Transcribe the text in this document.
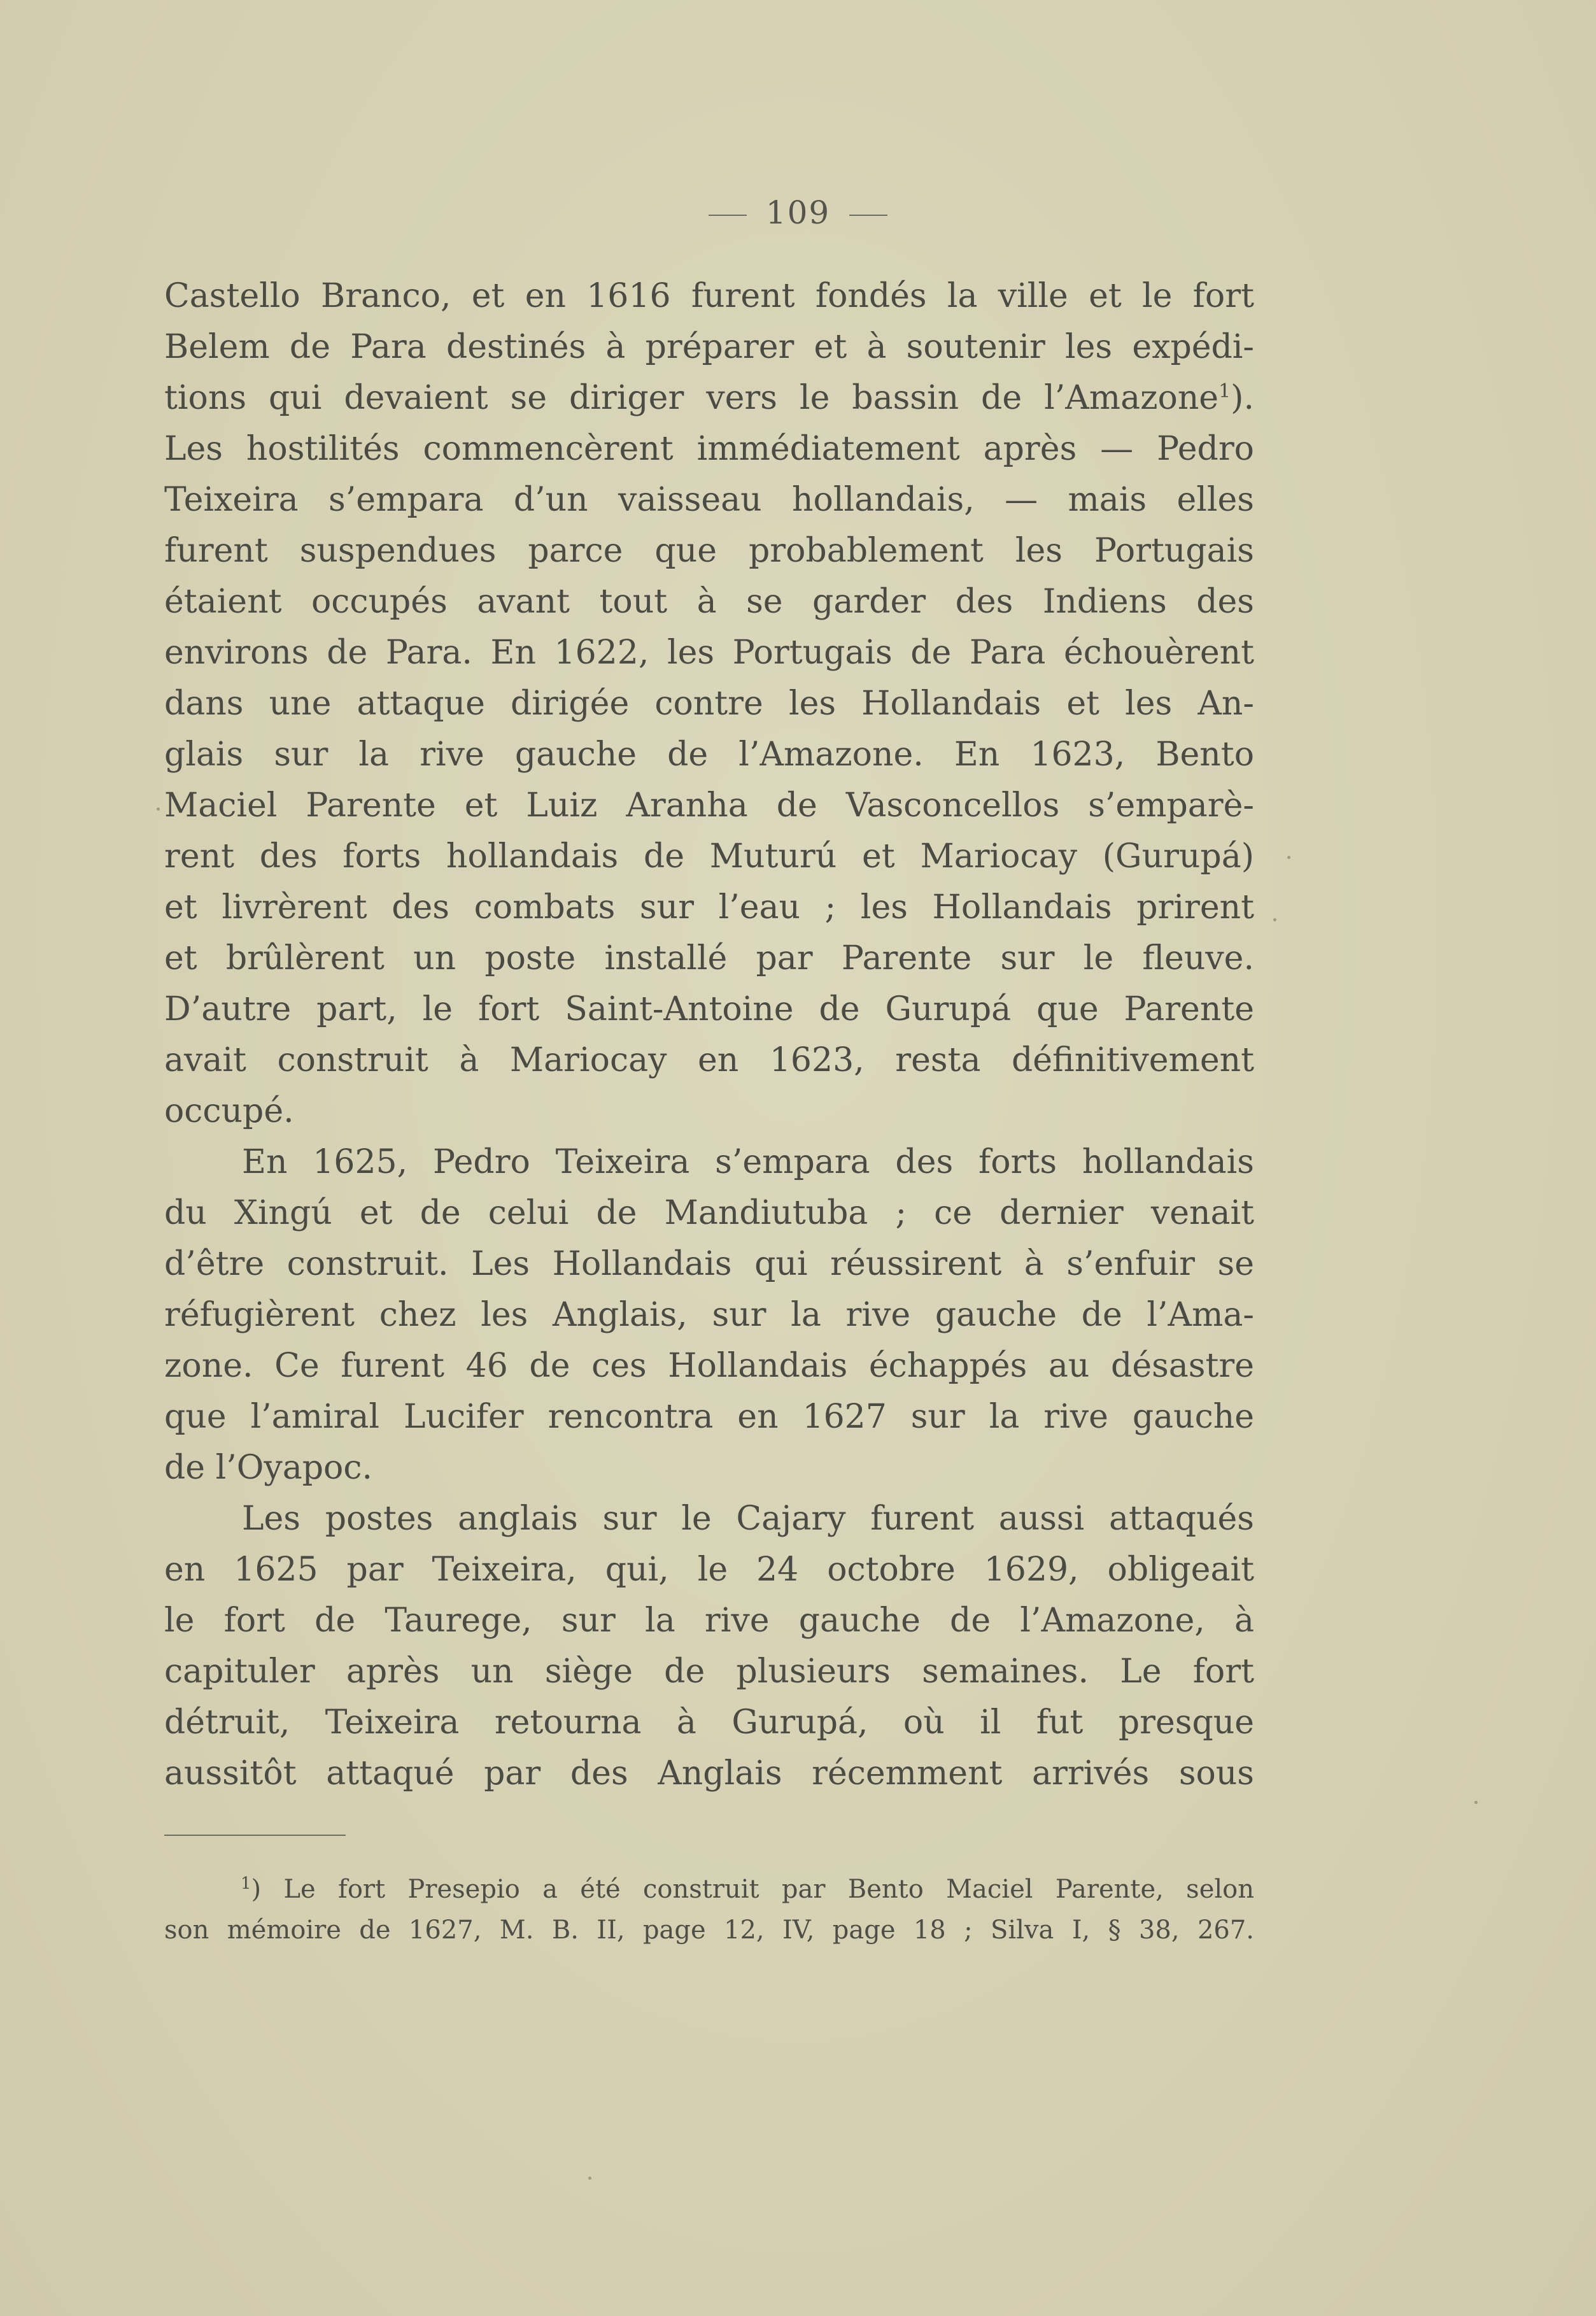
109
Castello Branco, et en 1616 furent fondés la ville et le fort
Belem de Para destinés à préparer et à soutenir les expédi-
tions qui devaient se diriger vers le bassin de l’Amazone$^1$).
Les hostilités commencèrent immédiatement après — Pedro
Teixeira s’empara d’un vaisseau hollandais, — mais elles
furent suspendues parce que probablement les Portugais
étaient occupés avant tout à se garder des Indiens des
environs de Para. En 1622, les Portugais de Para échouèrent
dans une attaque dirigée contre les Hollandais et les An-
glais sur la rive gauche de l’Amazone. En 1623, Bento
Maciel Parente et Luiz Aranha de Vasconcellos s’emparè-
rent des forts hollandais de Muturú et Mariocay (Gurupá)
et livrèrent des combats sur l’eau ; les Hollandais prirent
et brûlèrent un poste installé par Parente sur le fleuve.
D’autre part, le fort Saint-Antoine de Gurupá que Parente
avait construit à Mariocay en 1623, resta définitivement
occupé.
En 1625, Pedro Teixeira s’empara des forts hollandais
du Xingú et de celui de Mandiutuba ; ce dernier venait
d’être construit. Les Hollandais qui réussirent à s’enfuir se
réfugièrent chez les Anglais, sur la rive gauche de l’Ama-
zone. Ce furent 46 de ces Hollandais échappés au désastre
que l’amiral Lucifer rencontra en 1627 sur la rive gauche
de l’Oyapoc.
Les postes anglais sur le Cajary furent aussi attaqués
en 1625 par Teixeira, qui, le 24 octobre 1629, obligeait
le fort de Taurege, sur la rive gauche de l’Amazone, à
capituler après un siège de plusieurs semaines. Le fort
détruit, Teixeira retourna à Gurupá, où il fut presque
aussitôt attaqué par des Anglais récemment arrivés sous
$^1$) Le fort Presepio a été construit par Bento Maciel Parente, selon
son mémoire de 1627, M. B. II, page 12, IV, page 18 ; Silva I, § 38, 267.
